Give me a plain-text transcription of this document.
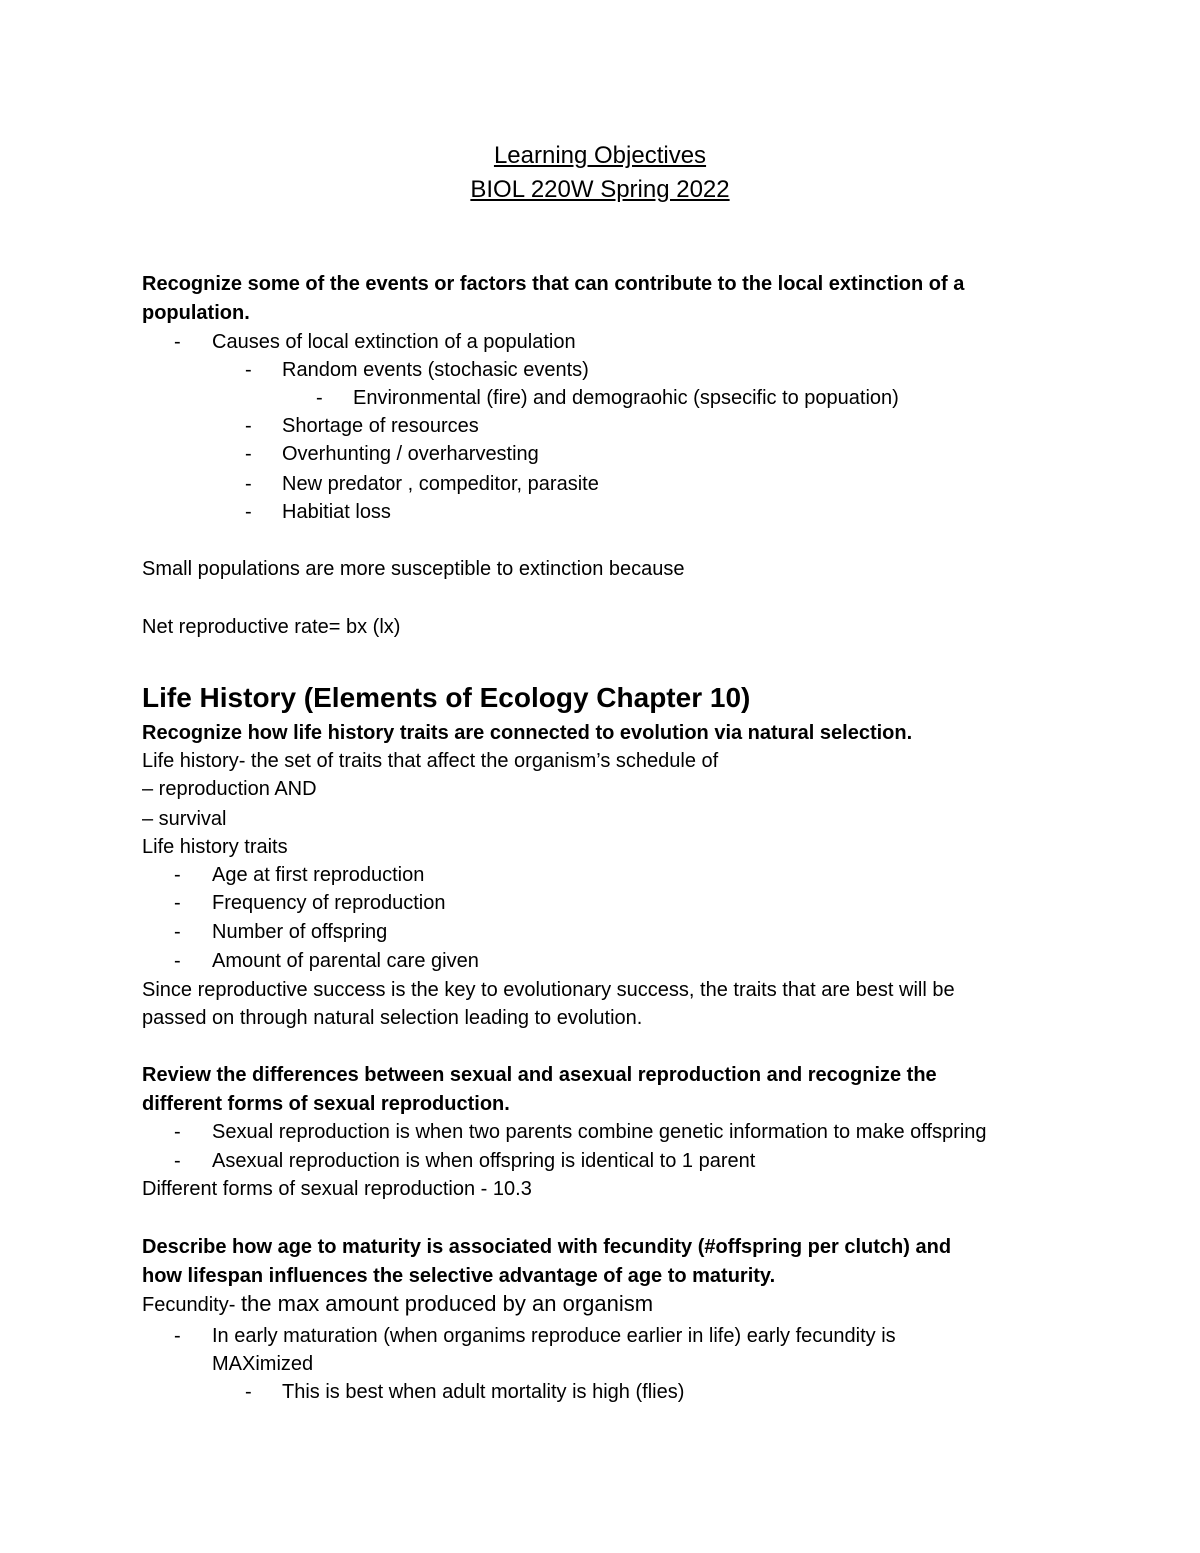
Learning Objectives
BIOL 220W Spring 2022
Recognize some of the events or factors that can contribute to the local extinction of a
population.
- Causes of local extinction of a population
- Random events (stochasic events)
- Environmental (fire) and demograohic (spsecific to popuation)
- Shortage of resources
- Overhunting / overharvesting
- New predator , compeditor, parasite
- Habitiat loss
Small populations are more susceptible to extinction because
Net reproductive rate= bx (lx)
Life History (Elements of Ecology Chapter 10)
Recognize how life history traits are connected to evolution via natural selection.
Life history- the set of traits that affect the organism’s schedule of
– reproduction AND
– survival
Life history traits
- Age at first reproduction
- Frequency of reproduction
- Number of offspring
- Amount of parental care given
Since reproductive success is the key to evolutionary success, the traits that are best will be
passed on through natural selection leading to evolution.
Review the differences between sexual and asexual reproduction and recognize the
different forms of sexual reproduction.
- Sexual reproduction is when two parents combine genetic information to make offspring
- Asexual reproduction is when offspring is identical to 1 parent
Different forms of sexual reproduction - 10.3
Describe how age to maturity is associated with fecundity (#offspring per clutch) and
how lifespan influences the selective advantage of age to maturity.
Fecundity- the max amount produced by an organism
- In early maturation (when organims reproduce earlier in life) early fecundity is
MAXimized
- This is best when adult mortality is high (flies)
